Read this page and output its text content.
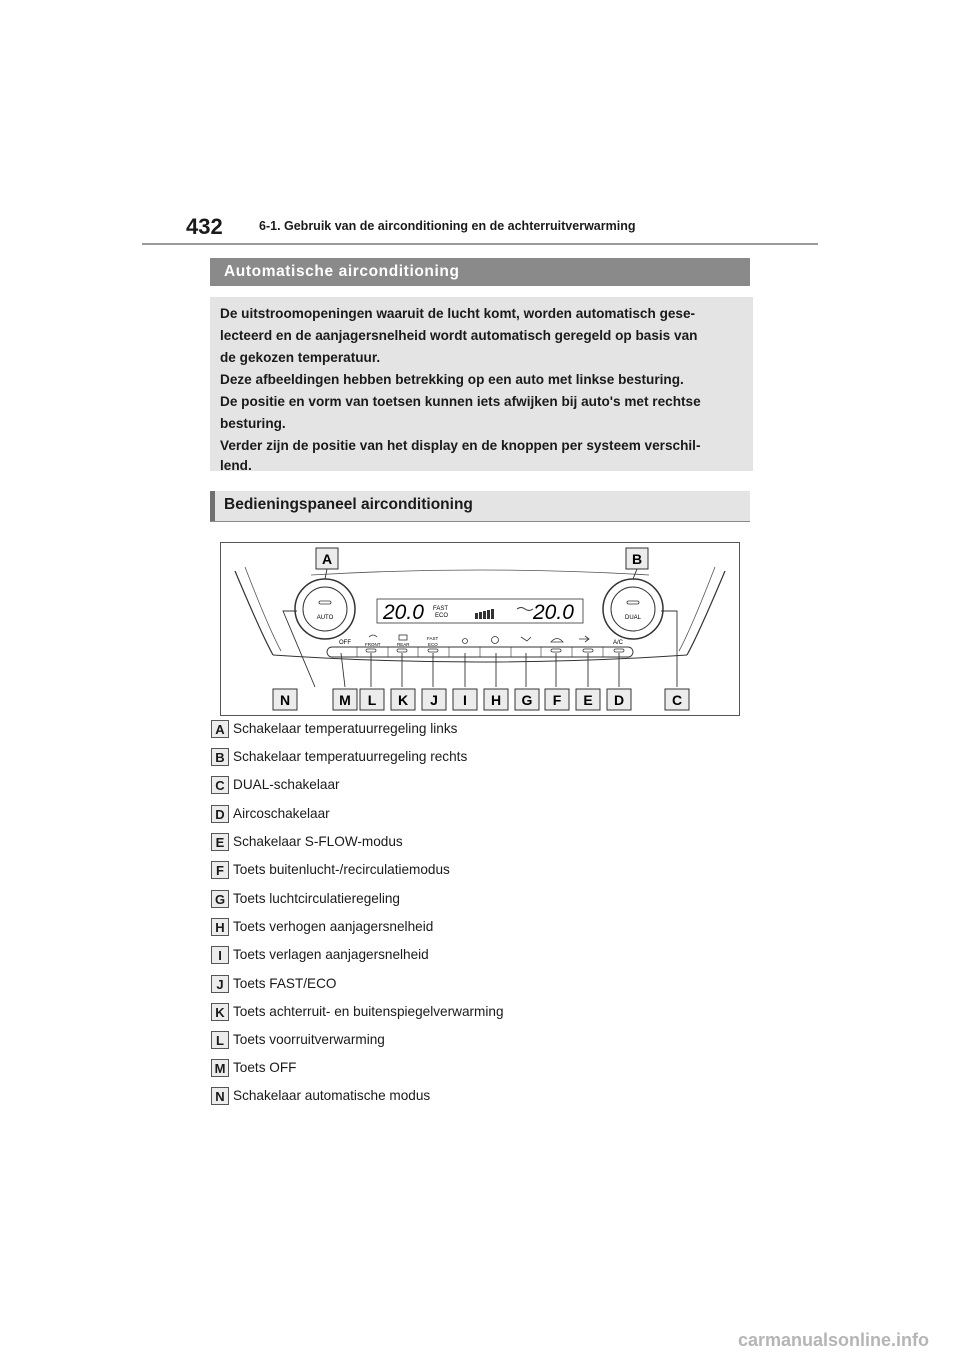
432	6-1. Gebruik van de airconditioning en de achterruitverwarming
Automatische airconditioning
De uitstroomopeningen waaruit de lucht komt, worden automatisch gese-
lecteerd en de aanjagersnelheid wordt automatisch geregeld op basis van
de gekozen temperatuur.
Deze afbeeldingen hebben betrekking op een auto met linkse besturing.
De positie en vorm van toetsen kunnen iets afwijken bij auto's met rechtse
besturing.
Verder zijn de positie van het display en de knoppen per systeem verschil-
lend.
Bedieningspaneel airconditioning
AUTO	DUAL
20.0	20.0
FAST
ECO
OFF	FRONT	REAR
FAST
ECO	A/C
A	B
N	M L K J I H G F E D	C
A Schakelaar temperatuurregeling links
B Schakelaar temperatuurregeling rechts
C DUAL-schakelaar
D Aircoschakelaar
E Schakelaar S-FLOW-modus
F Toets buitenlucht-/recirculatiemodus
G Toets luchtcirculatieregeling
H Toets verhogen aanjagersnelheid
I Toets verlagen aanjagersnelheid
J Toets FAST/ECO
K Toets achterruit- en buitenspiegelverwarming
L Toets voorruitverwarming
M Toets OFF
N Schakelaar automatische modus
carmanualsonline.info
